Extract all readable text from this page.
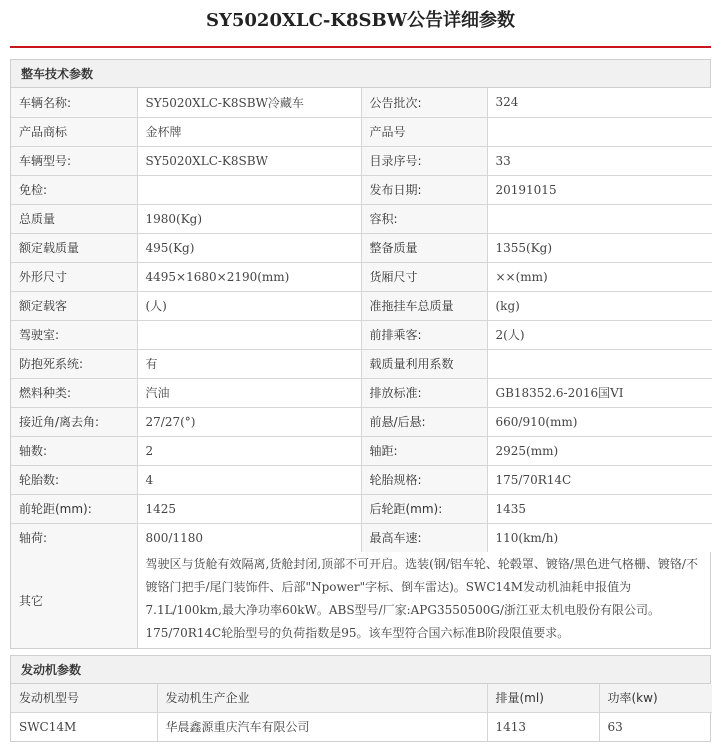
SY5020XLC-K8SBW公告详细参数
整车技术参数
车辆名称:	SY5020XLC-K8SBW冷藏车	公告批次:	324
产品商标	金杯牌	产品号	
车辆型号:	SY5020XLC-K8SBW	目录序号:	33
免检:		发布日期:	20191015
总质量	1980(Kg)	容积:	
额定载质量	495(Kg)	整备质量	1355(Kg)
外形尺寸	4495×1680×2190(mm)	货厢尺寸	××(mm)
额定载客	(人)	准拖挂车总质量	(kg)
驾驶室:		前排乘客:	2(人)
防抱死系统:	有	载质量利用系数	
燃料种类:	汽油	排放标准:	GB18352.6-2016国VI
接近角/离去角:	27/27(°)	前悬/后悬:	660/910(mm)
轴数:	2	轴距:	2925(mm)
轮胎数:	4	轮胎规格:	175/70R14C
前轮距(mm):	1425	后轮距(mm):	1435
轴荷:	800/1180	最高车速:	110(km/h)
其它	驾驶区与货舱有效隔离,货舱封闭,顶部不可开启。选装(钢/铝车轮、轮毂罩、镀铬/黑色进气格栅、镀铬/不镀铬门把手/尾门装饰件、后部"Npower"字标、倒车雷达)。SWC14M发动机油耗申报值为7.1L/100km,最大净功率60kW。ABS型号/厂家:APG3550500G/浙江亚太机电股份有限公司。175/70R14C轮胎型号的负荷指数是95。该车型符合国六标准B阶段限值要求。		
发动机参数
发动机型号	发动机生产企业	排量(ml)	功率(kw)
SWC14M	华晨鑫源重庆汽车有限公司	1413	63
